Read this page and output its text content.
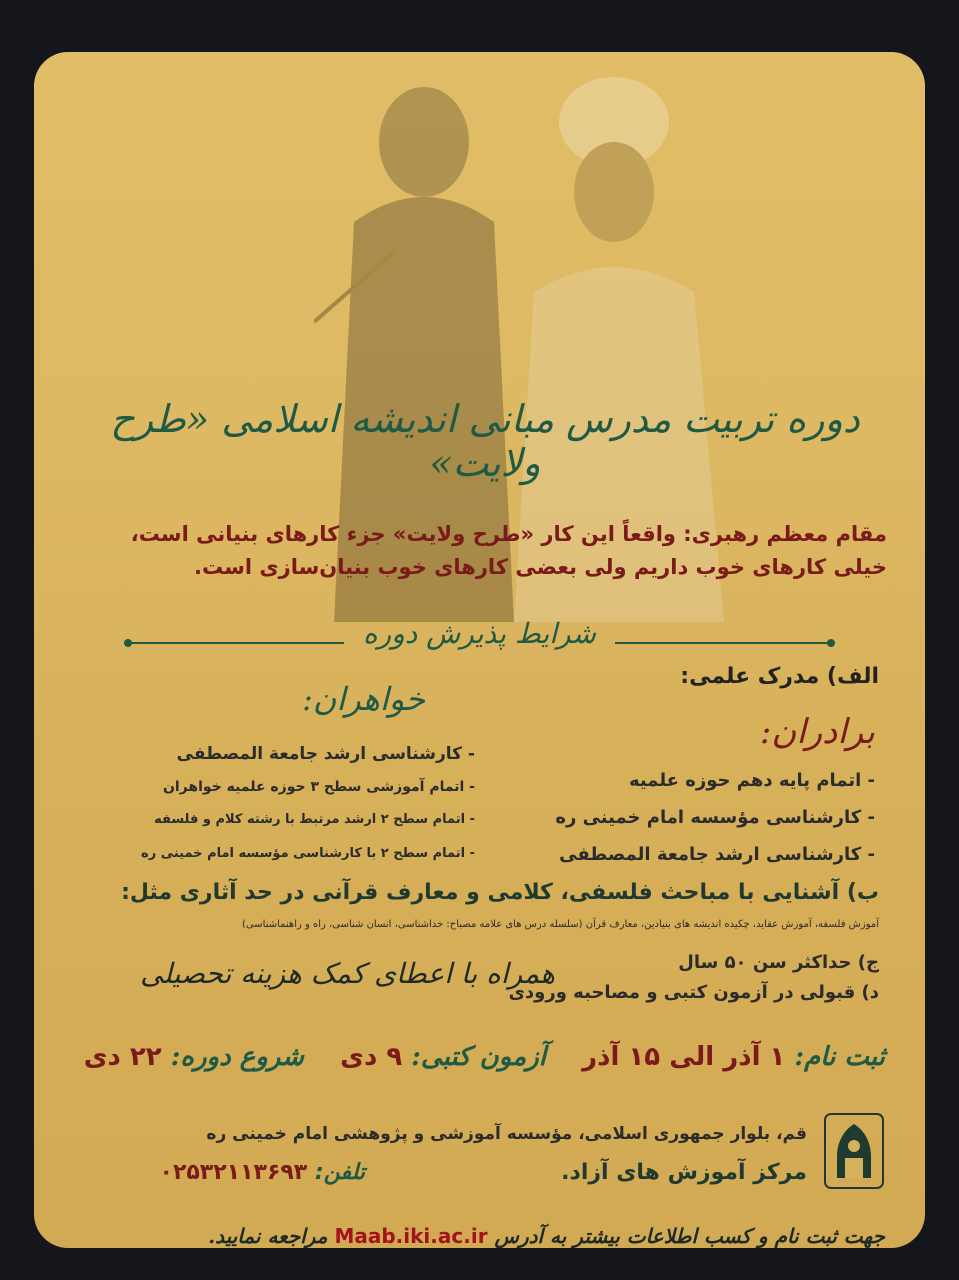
دوره تربیت مدرس مبانی اندیشه اسلامی «طرح ولایت»
مقام معظم رهبری: واقعاً این کار «طرح ولایت» جزء کارهای بنیانی است،
خیلی کارهای خوب داریم ولی بعضی کارهای خوب بنیان‌سازی است.
شرایط پذیرش دوره
الف) مدرک علمی:
برادران:
- اتمام پایه دهم حوزه علمیه
- کارشناسی مؤسسه امام خمینی ره
- کارشناسی ارشد جامعة المصطفی
خواهران:
- کارشناسی ارشد جامعة المصطفی
- اتمام آموزشی سطح ۳ حوزه علمیه خواهران
- اتمام سطح ۲ ارشد مرتبط با رشته کلام و فلسفه
- اتمام سطح ۲ با کارشناسی مؤسسه امام خمینی ره
ب) آشنایی با مباحث فلسفی، کلامی و معارف قرآنی در حد آثاری مثل:
آموزش فلسفه، آموزش عقاید، چکیده اندیشه های بنیادین، معارف قرآن (سلسله درس های علامه مصباح: خداشناسی، انسان شناسی، راه و راهنماشناسی)
ج) حداکثر سن ۵۰ سال
د) قبولی در آزمون کتبی و مصاحبه ورودی
همراه با اعطای کمک هزینه تحصیلی
ثبت نام: ۱ آذر الی ۱۵ آذر    آزمون کتبی: ۹ دی    شروع دوره: ۲۲ دی
قم، بلوار جمهوری اسلامی، مؤسسه آموزشی و پژوهشی امام خمینی ره
مرکز آموزش های آزاد.
تلفن: ۰۲۵۳۲۱۱۳۶۹۳
جهت ثبت نام و کسب اطلاعات بیشتر به آدرس Maab.iki.ac.ir مراجعه نمایید.
